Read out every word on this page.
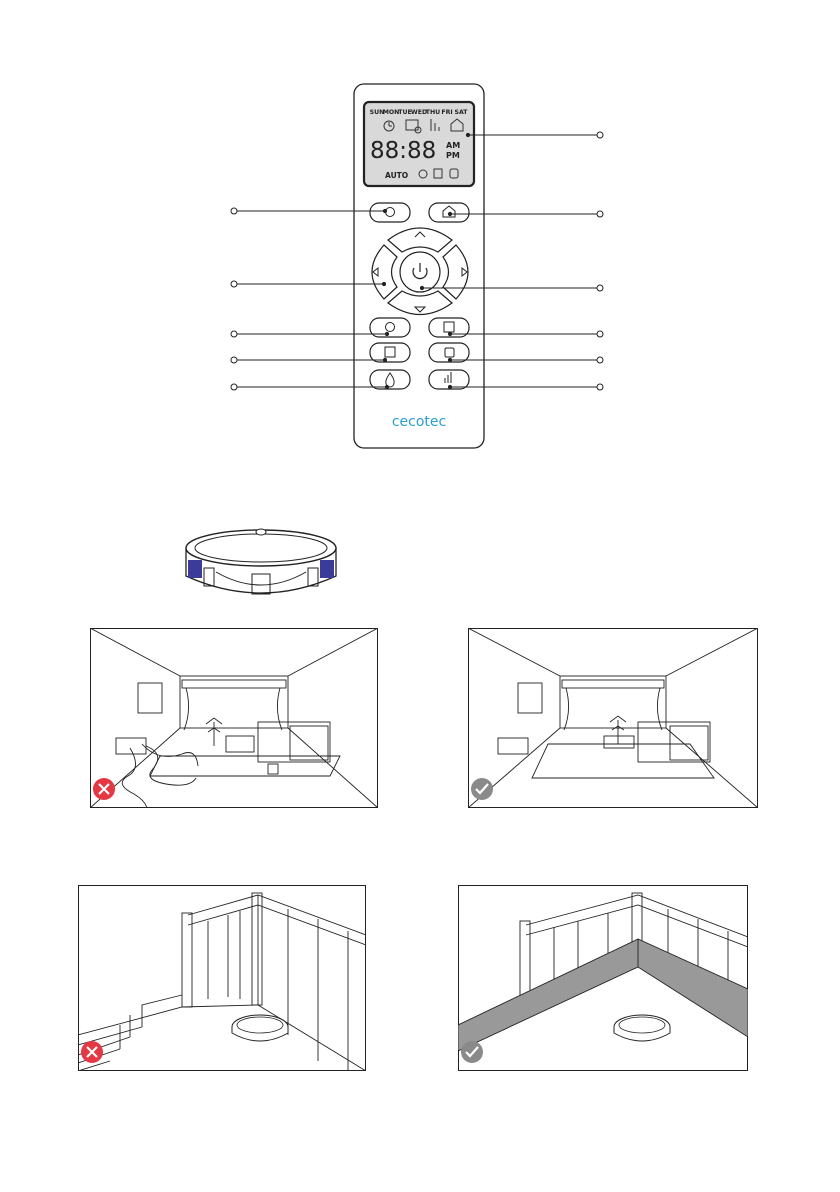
SUN
MON
TUE WED
THU FRI SAT
88:88 AM
PM
AUTO
cecotec
